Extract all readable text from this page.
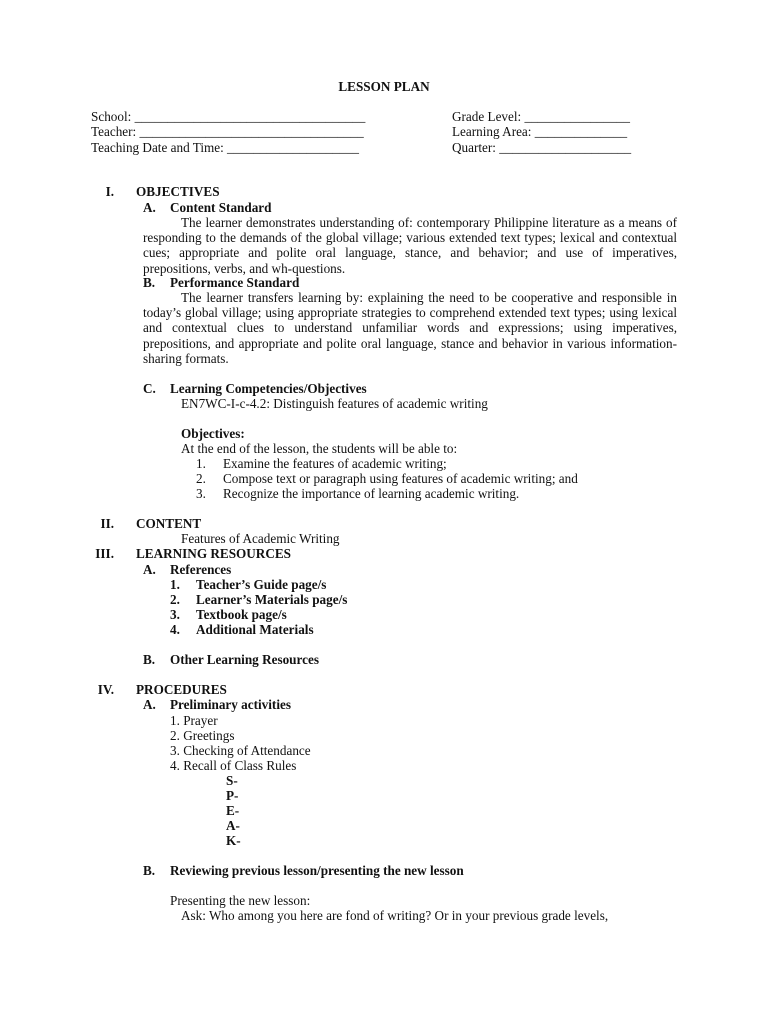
LESSON PLAN
School: ___________________________________
Teacher: __________________________________
Teaching Date and Time: ____________________
Grade Level: ________________
Learning Area: ______________
Quarter: ____________________
I. OBJECTIVES
A. Content Standard
The learner demonstrates understanding of: contemporary Philippine literature as a means of responding to the demands of the global village; various extended text types; lexical and contextual cues; appropriate and polite oral language, stance, and behavior; and use of imperatives, prepositions, verbs, and wh-questions.
B. Performance Standard
The learner transfers learning by: explaining the need to be cooperative and responsible in today’s global village; using appropriate strategies to comprehend extended text types; using lexical and contextual clues to understand unfamiliar words and expressions; using imperatives, prepositions, and appropriate and polite oral language, stance and behavior in various information-sharing formats.
C. Learning Competencies/Objectives
EN7WC-I-c-4.2: Distinguish features of academic writing
Objectives:
At the end of the lesson, the students will be able to:
1. Examine the features of academic writing;
2. Compose text or paragraph using features of academic writing; and
3. Recognize the importance of learning academic writing.
II. CONTENT
Features of Academic Writing
III. LEARNING RESOURCES
A. References
1. Teacher’s Guide page/s
2. Learner’s Materials page/s
3. Textbook page/s
4. Additional Materials
B. Other Learning Resources
IV. PROCEDURES
A. Preliminary activities
1. Prayer
2. Greetings
3. Checking of Attendance
4. Recall of Class Rules
S-
P-
E-
A-
K-
B. Reviewing previous lesson/presenting the new lesson
Presenting the new lesson:
Ask: Who among you here are fond of writing? Or in your previous grade levels,
